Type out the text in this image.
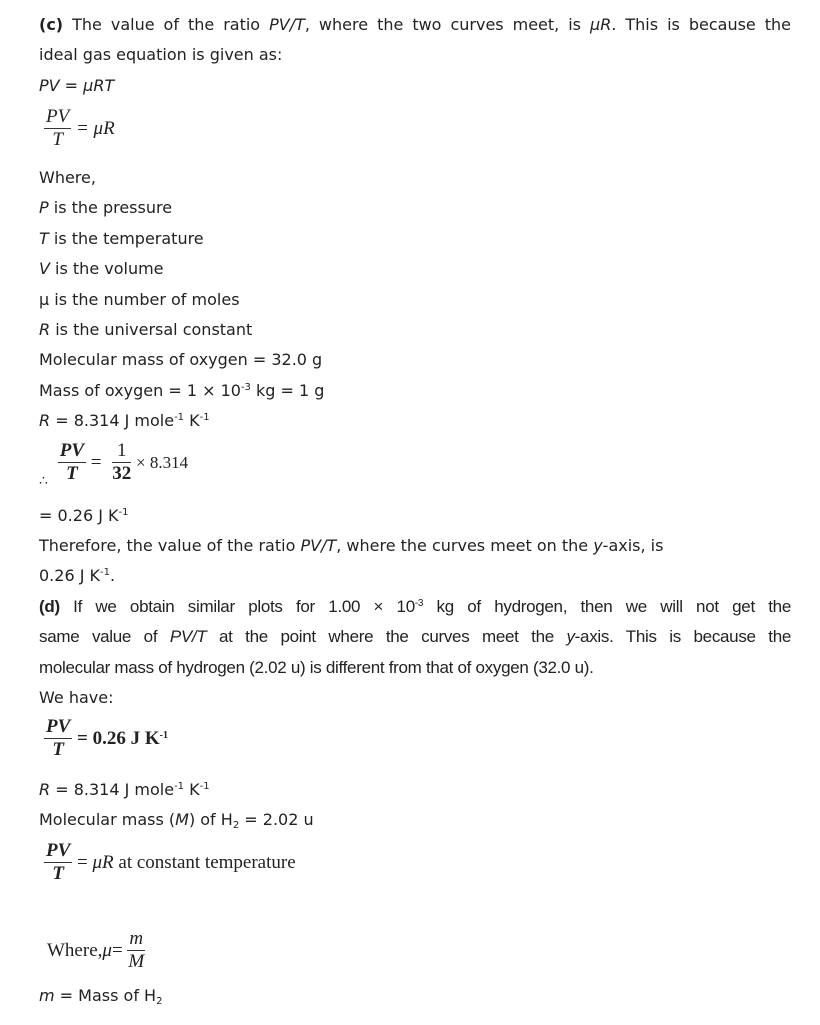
(c) The value of the ratio PV/T, where the two curves meet, is μR. This is because the
ideal gas equation is given as:
PV = μRT
$\frac{PV}{T} = \mu R$
Where,
P is the pressure
T is the temperature
V is the volume
μ is the number of moles
R is the universal constant
Molecular mass of oxygen = 32.0 g
Mass of oxygen = $1 \times 10^{-3}$ kg = 1 g
R = 8.314 J mole$^{-1}$ $K^{-1}$
∴
$\frac{PV}{T} = \frac{1}{32} \times 8.314$
= 0.26 J $K^{-1}$
Therefore, the value of the ratio PV/T, where the curves meet on the y-axis, is
0.26 J $K^{-1}$.
(d) If we obtain similar plots for $1.00 \times 10^{-3}$ kg of hydrogen, then we will not get the
same value of PV/T at the point where the curves meet the y-axis. This is because the
molecular mass of hydrogen (2.02 u) is different from that of oxygen (32.0 u).
We have:
$\frac{PV}{T} = 0.26$ J $K^{-1}$
R = 8.314 J mole$^{-1}$ $K^{-1}$
Molecular mass (M) of $H_2 = 2.02$ u
$\frac{PV}{T} = \mu R$ at constant temperature
Where,μ= $\frac{m}{M}$
m = Mass of $H_2$
